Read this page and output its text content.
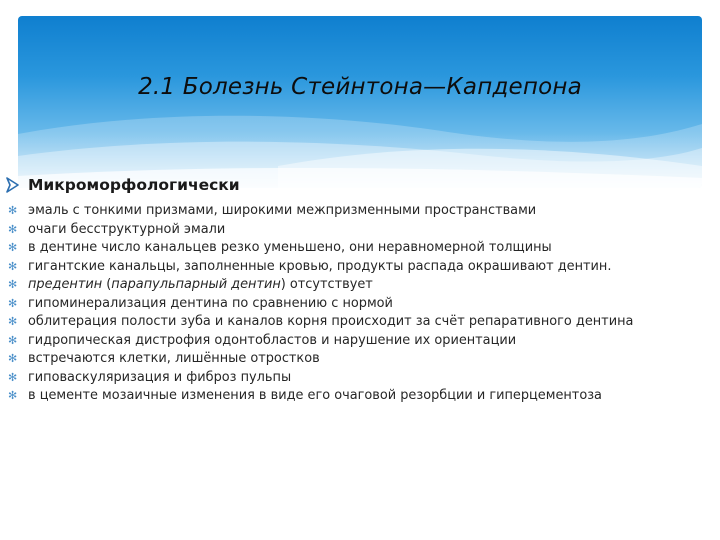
2.1 Болезнь Стейнтона—Капдепона
Микроморфологически
✻ эмаль с тонкими призмами, широкими межпризменными пространствами
✻ очаги бесструктурной эмали
✻ в дентине число канальцев резко уменьшено, они неравномерной толщины
✻ гигантские канальцы, заполненные кровью, продукты распада окрашивают дентин.
✻ предентин (парапульпарный дентин) отсутствует
✻ гипоминерализация дентина по сравнению с нормой
✻ облитерация полости зуба и каналов корня происходит за счёт репаративного дентина
✻ гидропическая дистрофия одонтобластов и нарушение их ориентации
✻ встречаются клетки, лишённые отростков
✻ гиповаскуляризация и фиброз пульпы
✻ в цементе мозаичные изменения в виде его очаговой резорбции и гиперцементоза
